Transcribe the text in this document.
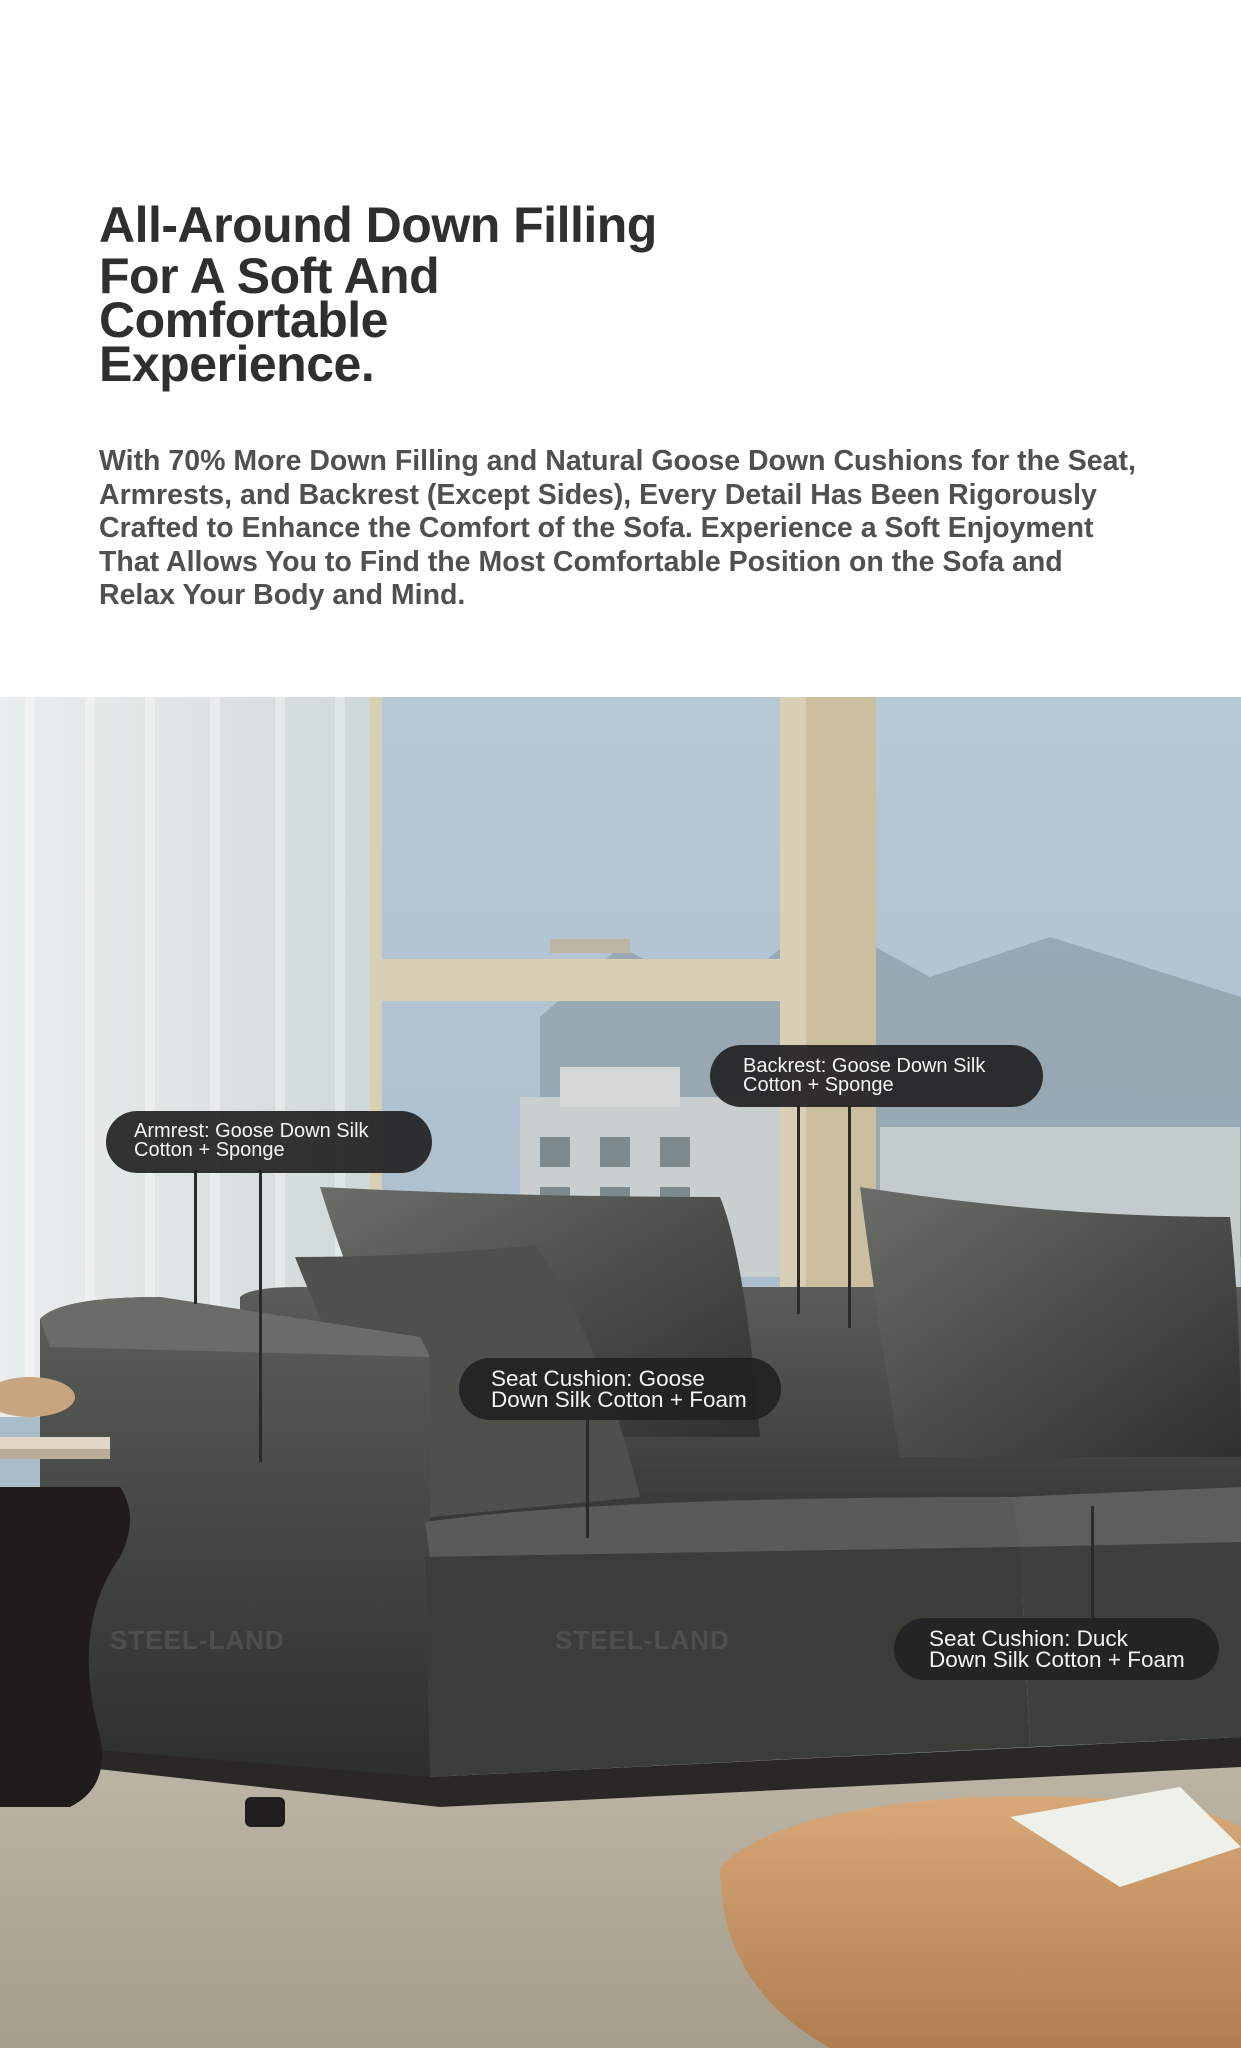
All-Around Down Filling
For A Soft And Comfortable Experience.
With 70% More Down Filling and Natural Goose Down Cushions for the Seat, Armrests, and Backrest (Except Sides), Every Detail Has Been Rigorously Crafted to Enhance the Comfort of the Sofa. Experience a Soft Enjoyment That Allows You to Find the Most Comfortable Position on the Sofa and Relax Your Body and Mind.
STEEL-LAND	STEEL-LAND
Armrest: Goose Down Silk
Cotton + Sponge
Backrest: Goose Down Silk
Cotton + Sponge
Seat Cushion: Goose
Down Silk Cotton + Foam
Seat Cushion: Duck
Down Silk Cotton + Foam
